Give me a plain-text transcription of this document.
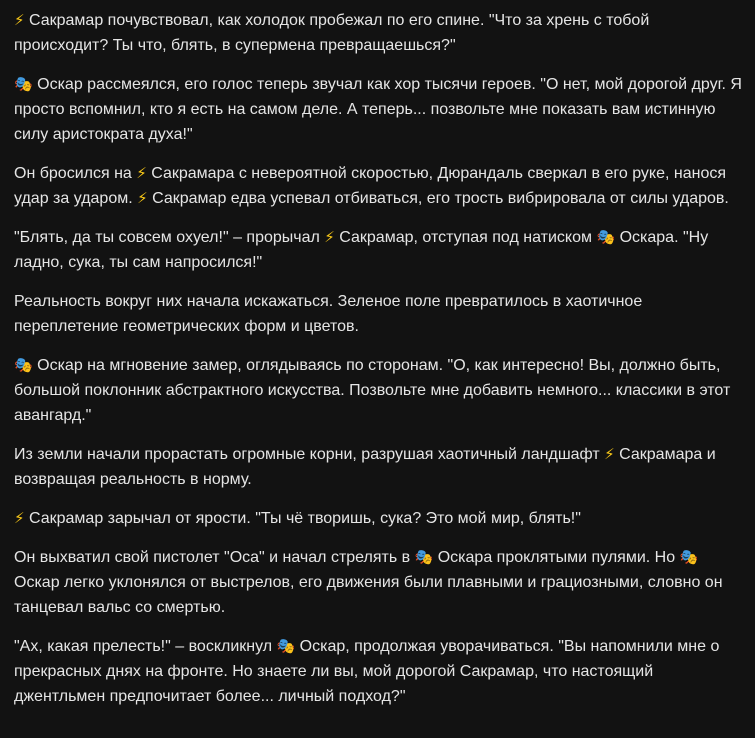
⚡ Сакрамар почувствовал, как холодок пробежал по его спине. "Что за хрень с тобой происходит? Ты что, блять, в супермена превращаешься?"

🎭 Оскар рассмеялся, его голос теперь звучал как хор тысячи героев. "О нет, мой дорогой друг. Я просто вспомнил, кто я есть на самом деле. А теперь... позвольте мне показать вам истинную силу аристократа духа!"

Он бросился на ⚡ Сакрамара с невероятной скоростью, Дюрандаль сверкал в его руке, нанося удар за ударом. ⚡ Сакрамар едва успевал отбиваться, его трость вибрировала от силы ударов.

"Блять, да ты совсем охуел!" – прорычал ⚡ Сакрамар, отступая под натиском 🎭 Оскара. "Ну ладно, сука, ты сам напросился!"

Реальность вокруг них начала искажаться. Зеленое поле превратилось в хаотичное переплетение геометрических форм и цветов.

🎭 Оскар на мгновение замер, оглядываясь по сторонам. "О, как интересно! Вы, должно быть, большой поклонник абстрактного искусства. Позвольте мне добавить немного... классики в этот авангард."

Из земли начали прорастать огромные корни, разрушая хаотичный ландшафт ⚡ Сакрамара и возвращая реальность в норму.

⚡ Сакрамар зарычал от ярости. "Ты чё творишь, сука? Это мой мир, блять!"

Он выхватил свой пистолет "Оса" и начал стрелять в 🎭 Оскара проклятыми пулями. Но 🎭 Оскар легко уклонялся от выстрелов, его движения были плавными и грациозными, словно он танцевал вальс со смертью.

"Ах, какая прелесть!" – воскликнул 🎭 Оскар, продолжая уворачиваться. "Вы напомнили мне о прекрасных днях на фронте. Но знаете ли вы, мой дорогой Сакрамар, что настоящий джентльмен предпочитает более... личный подход?"
